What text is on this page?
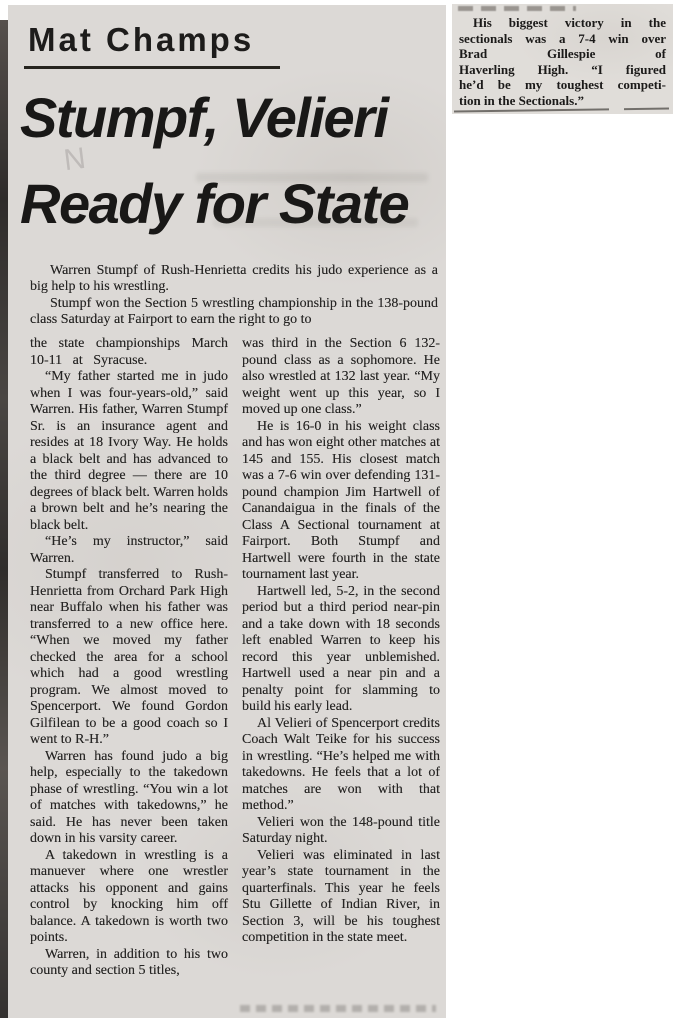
Mat Champs
Stumpf, Velieri
Ready for State
N

Warren Stumpf of Rush-Henrietta credits his judo experience as a big help to his wrestling.

Stumpf won the Section 5 wrestling championship in the 138-pound class Saturday at Fairport to earn the right to go to

the state championships March 10-11 at Syracuse.

“My father started me in judo when I was four-years-old,” said Warren. His father, Warren Stumpf Sr. is an insurance agent and resides at 18 Ivory Way. He holds a black belt and has advanced to the third degree — there are 10 degrees of black belt. Warren holds a brown belt and he’s nearing the black belt.

“He’s my instructor,” said Warren.

Stumpf transferred to Rush-Henrietta from Orchard Park High near Buffalo when his father was transferred to a new office here. “When we moved my father checked the area for a school which had a good wrestling program. We almost moved to Spencerport. We found Gordon Gilfilean to be a good coach so I went to R-H.”

Warren has found judo a big help, especially to the takedown phase of wrestling. “You win a lot of matches with takedowns,” he said. He has never been taken down in his varsity career.

A takedown in wrestling is a manuever where one wrestler attacks his opponent and gains control by knocking him off balance. A takedown is worth two points.

Warren, in addition to his two county and section 5 titles,

was third in the Section 6 132-pound class as a sophomore. He also wrestled at 132 last year. “My weight went up this year, so I moved up one class.”

He is 16-0 in his weight class and has won eight other matches at 145 and 155. His closest match was a 7-6 win over defending 131-pound champion Jim Hartwell of Canandaigua in the finals of the Class A Sectional tournament at Fairport. Both Stumpf and Hartwell were fourth in the state tournament last year.

Hartwell led, 5-2, in the second period but a third period near-pin and a take down with 18 seconds left enabled Warren to keep his record this year unblemished. Hartwell used a near pin and a penalty point for slamming to build his early lead.

Al Velieri of Spencerport credits Coach Walt Teike for his success in wrestling. “He’s helped me with takedowns. He feels that a lot of matches are won with that method.”

Velieri won the 148-pound title Saturday night.

Velieri was eliminated in last year’s state tournament in the quarterfinals. This year he feels Stu Gillette of Indian River, in Section 3, will be his toughest competition in the state meet.

His biggest victory in the

sectionals was a 7-4 win over

Brad Gillespie of

Haverling High. “I figured

he’d be my toughest competi-

tion in the Sectionals.”
